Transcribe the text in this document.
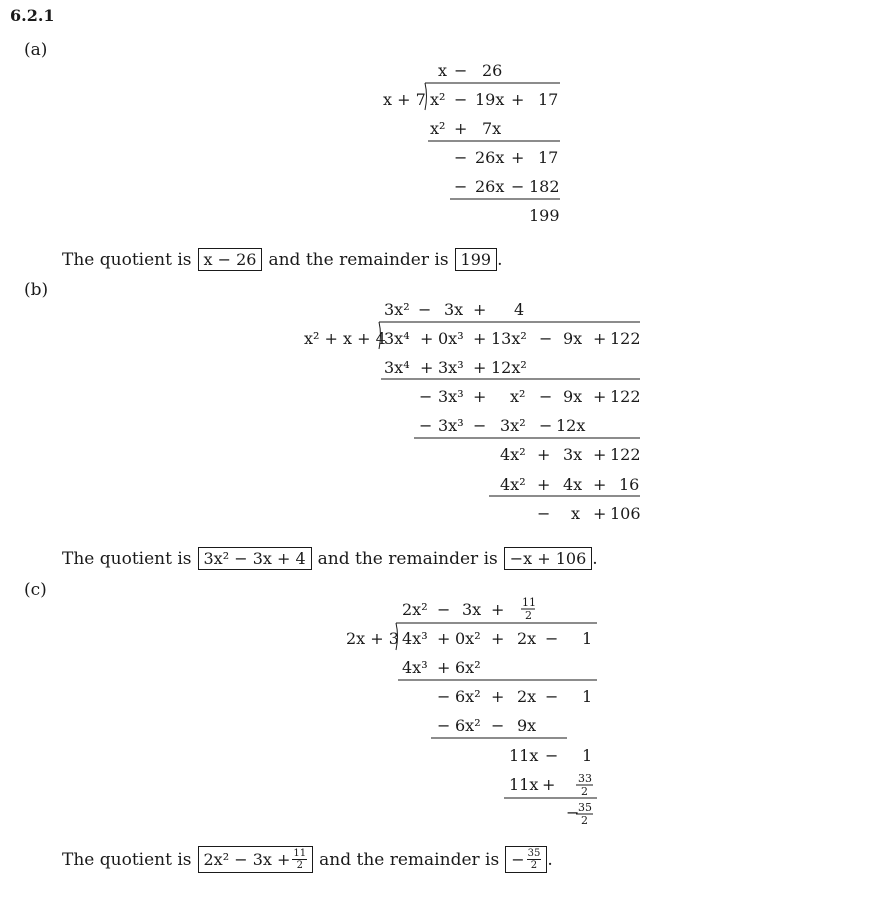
6.2.1
(a)
x − 26
x + 7 x² − 19x + 17
x² + 7x
− 26x + 17
− 26x − 182
199
The quotient is x − 26 and the remainder is 199 .
(b)
3x² − 3x + 4
x² + x + 4
3x⁴ + 0x³ + 13x² − 9x + 122
3x⁴ + 3x³ + 12x²
− 3x³ + x² − 9x + 122
− 3x³ − 3x² − 12x
4x² + 3x + 122
4x² + 4x + 16
− x + 106
The quotient is 3x² − 3x + 4 and the remainder is −x + 106 .
(c)
2x² − 3x + 11
2
2x + 3 4x³ + 0x² + 2x − 1
4x³ + 6x²
− 6x² + 2x − 1
− 6x² − 9x
11x − 1
11x + 33
2
−
35
2
The quotient is $2x^2 - 3x + \frac{11}{2}$ and the remainder is − $\frac{35}{2}$ .
